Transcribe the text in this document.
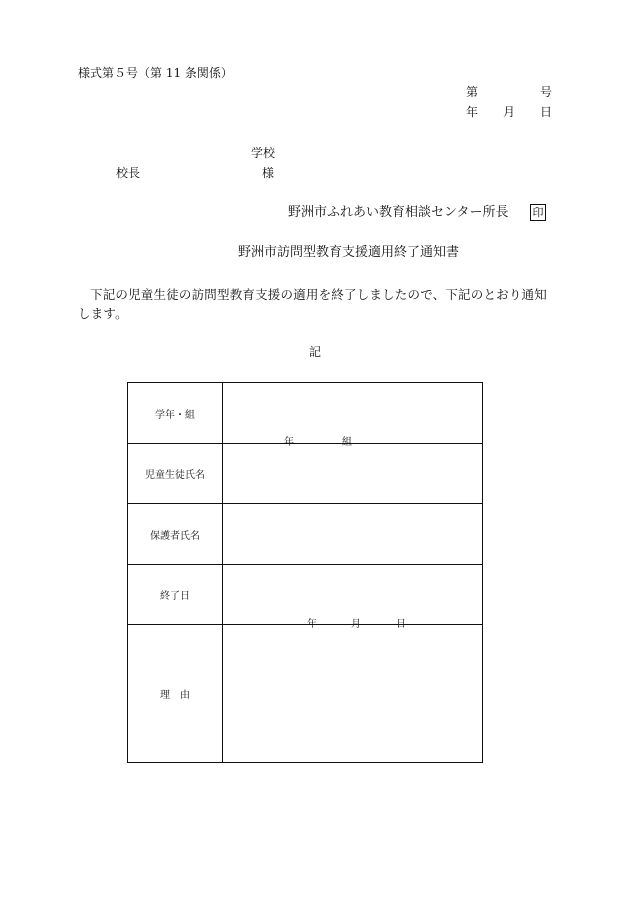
様式第５号（第 11 条関係）
第	号
年 月 日
学校
校長	様
野洲市ふれあい教育相談センター所長 印
野洲市訪問型教育支援適用終了通知書
下記の児童生徒の訪問型教育支援の適用を終了しましたので、下記のとおり通知します。
記
学年・組	年 組

児童生徒氏名	
保護者氏名	
終了日	年 月 日

理　由	
